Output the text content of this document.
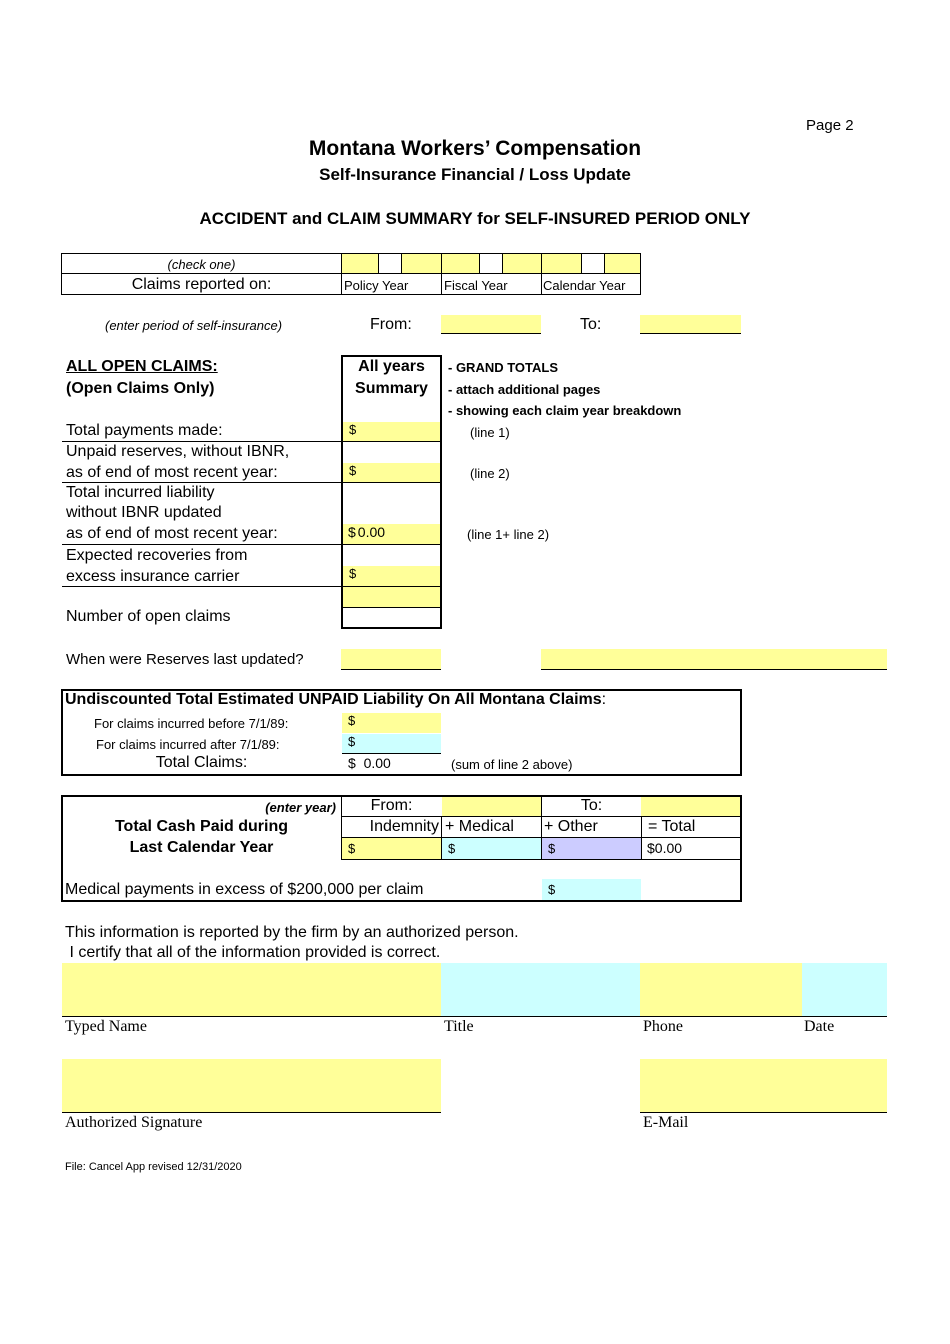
Page 2
Montana Workers’ Compensation
Self-Insurance Financial / Loss Update
ACCIDENT and CLAIM SUMMARY for SELF-INSURED PERIOD ONLY
(check one)
Claims reported on:	Policy Year	Fiscal Year	Calendar Year
(enter period of self-insurance)	From:	To:
ALL OPEN CLAIMS:
(Open Claims Only)
All years
Summary
- GRAND TOTALS
- attach additional pages
- showing each claim year breakdown
Total payments made:	$	(line 1)
Unpaid reserves, without IBNR,
as of end of most recent year:	$	(line 2)
Total incurred liability
without IBNR updated
as of end of most recent year:	$ 0.00	(line 1+ line 2)
Expected recoveries from
excess insurance carrier	$
Number of open claims
When were Reserves last updated?
Undiscounted Total Estimated UNPAID Liability On All Montana Claims:
For claims incurred before 7/1/89:	$
For claims incurred after 7/1/89:	$
Total Claims:	$ 0.00	(sum of line 2 above)
(enter year)
Total Cash Paid during
Last Calendar Year
From:	To:
Indemnity + Medical + Other	= Total
$	$	$	$0.00
Medical payments in excess of $200,000 per claim	$
This information is reported by the firm by an authorized person.
I certify that all of the information provided is correct.
Typed Name	Title	Phone	Date
Authorized Signature	E-Mail
File: Cancel App revised 12/31/2020
